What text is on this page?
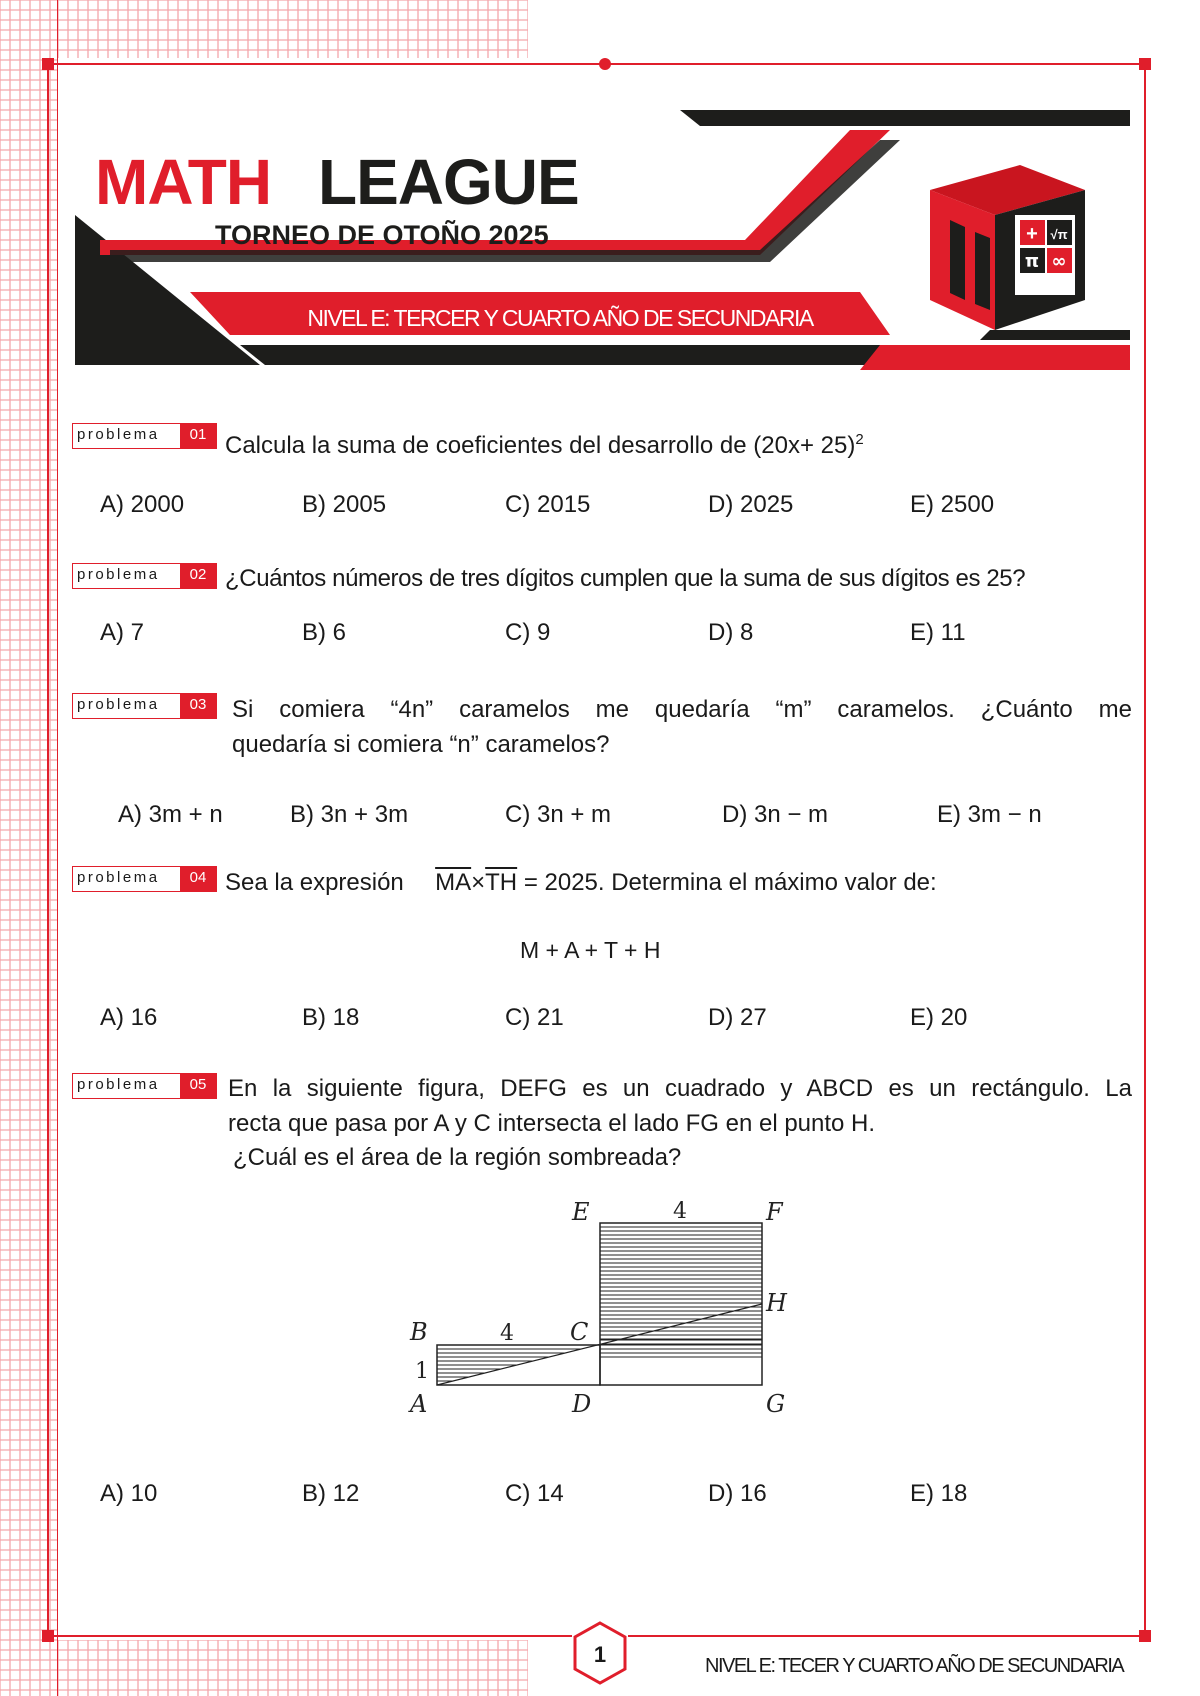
MATH LEAGUE
TORNEO DE OTOÑO 2025
NIVEL E: TERCER Y CUARTO AÑO DE SECUNDARIA
+ √π
π ∞
problema	01 Calcula la suma de coeficientes del desarrollo de $(20x+ 25)^2$
A) 2000	B) 2005	C) 2015	D) 2025	E) 2500
problema	02 ¿Cuántos números de tres dígitos cumplen que la suma de sus dígitos es 25?
A) 7	B) 6	C) 9	D) 8	E) 11
problema	03	Si comiera “4n” caramelos me quedaría “m” caramelos. ¿Cuánto me
quedaría si comiera “n” caramelos?
A) 3m + n	B) 3n + 3m	C) 3n + m	D) 3n − m	E) 3m − n
problema	04 Sea la expresión $\overline{MA}\times\overline{TH} = 2025$. Determina el máximo valor de:
M + A + T + H
A) 16	B) 18	C) 21	D) 27	E) 20
problema	05 En la siguiente figura, DEFG es un cuadrado y ABCD es un rectángulo. La
recta que pasa por A y C intersecta el lado FG en el punto H.
¿Cuál es el área de la región sombreada?
E	F
H
B	C
A	D	G
4
4
1
A) 10	B) 12	C) 14	D) 16	E) 18
1	NIVEL E: TECER Y CUARTO AÑO DE SECUNDARIA
